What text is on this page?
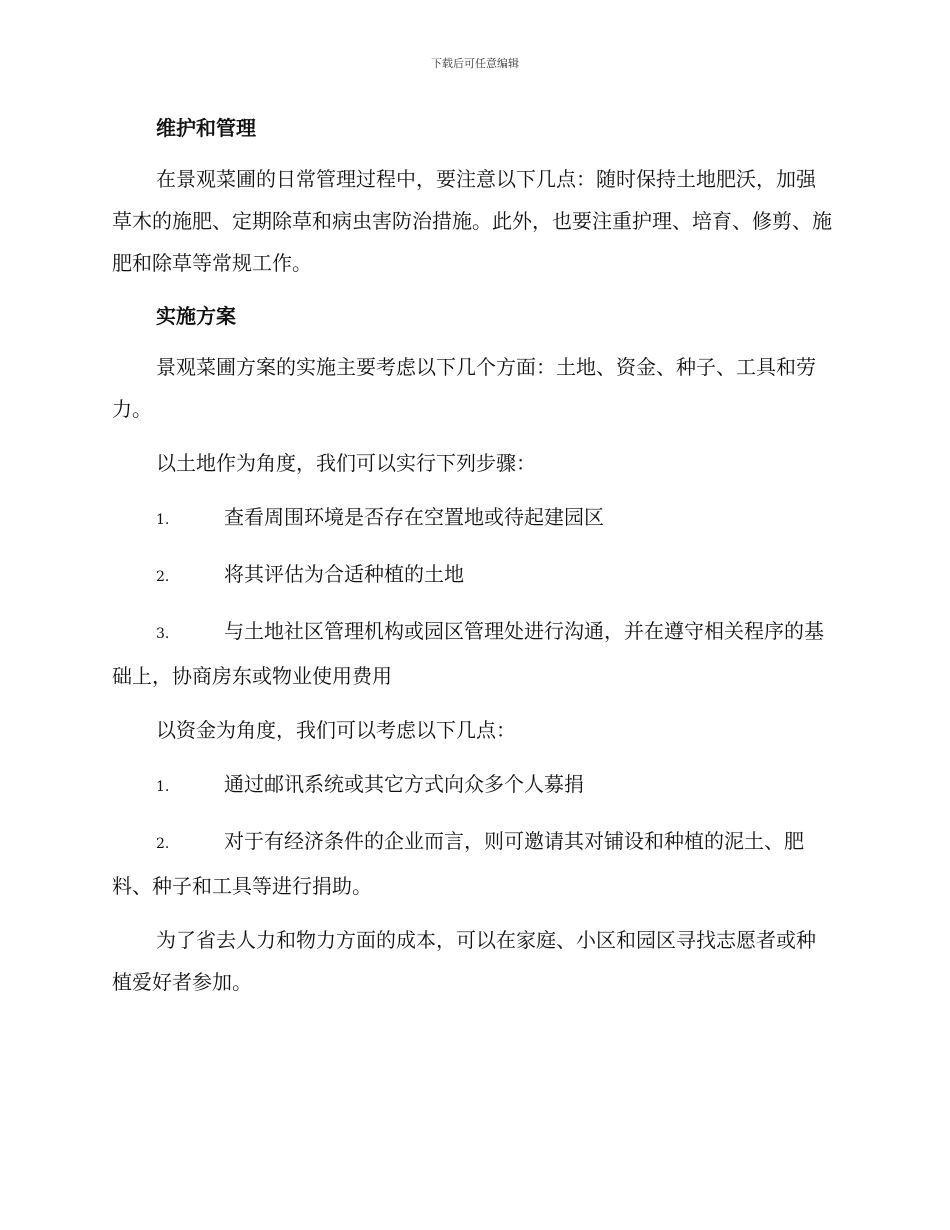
下载后可任意编辑
维护和管理

在景观菜圃的日常管理过程中，要注意以下几点：随时保持土地肥沃，加强草木的施肥、定期除草和病虫害防治措施。此外，也要注重护理、培育、修剪、施肥和除草等常规工作。

实施方案

景观菜圃方案的实施主要考虑以下几个方面：土地、资金、种子、工具和劳力。

以土地作为角度，我们可以实行下列步骤：

1.	查看周围环境是否存在空置地或待起建园区

2.	将其评估为合适种植的土地

3.	与土地社区管理机构或园区管理处进行沟通，并在遵守相关程序的基础上，协商房东或物业使用费用

以资金为角度，我们可以考虑以下几点：

1.	通过邮讯系统或其它方式向众多个人募捐

2.	对于有经济条件的企业而言，则可邀请其对铺设和种植的泥土、肥料、种子和工具等进行捐助。

为了省去人力和物力方面的成本，可以在家庭、小区和园区寻找志愿者或种植爱好者参加。
